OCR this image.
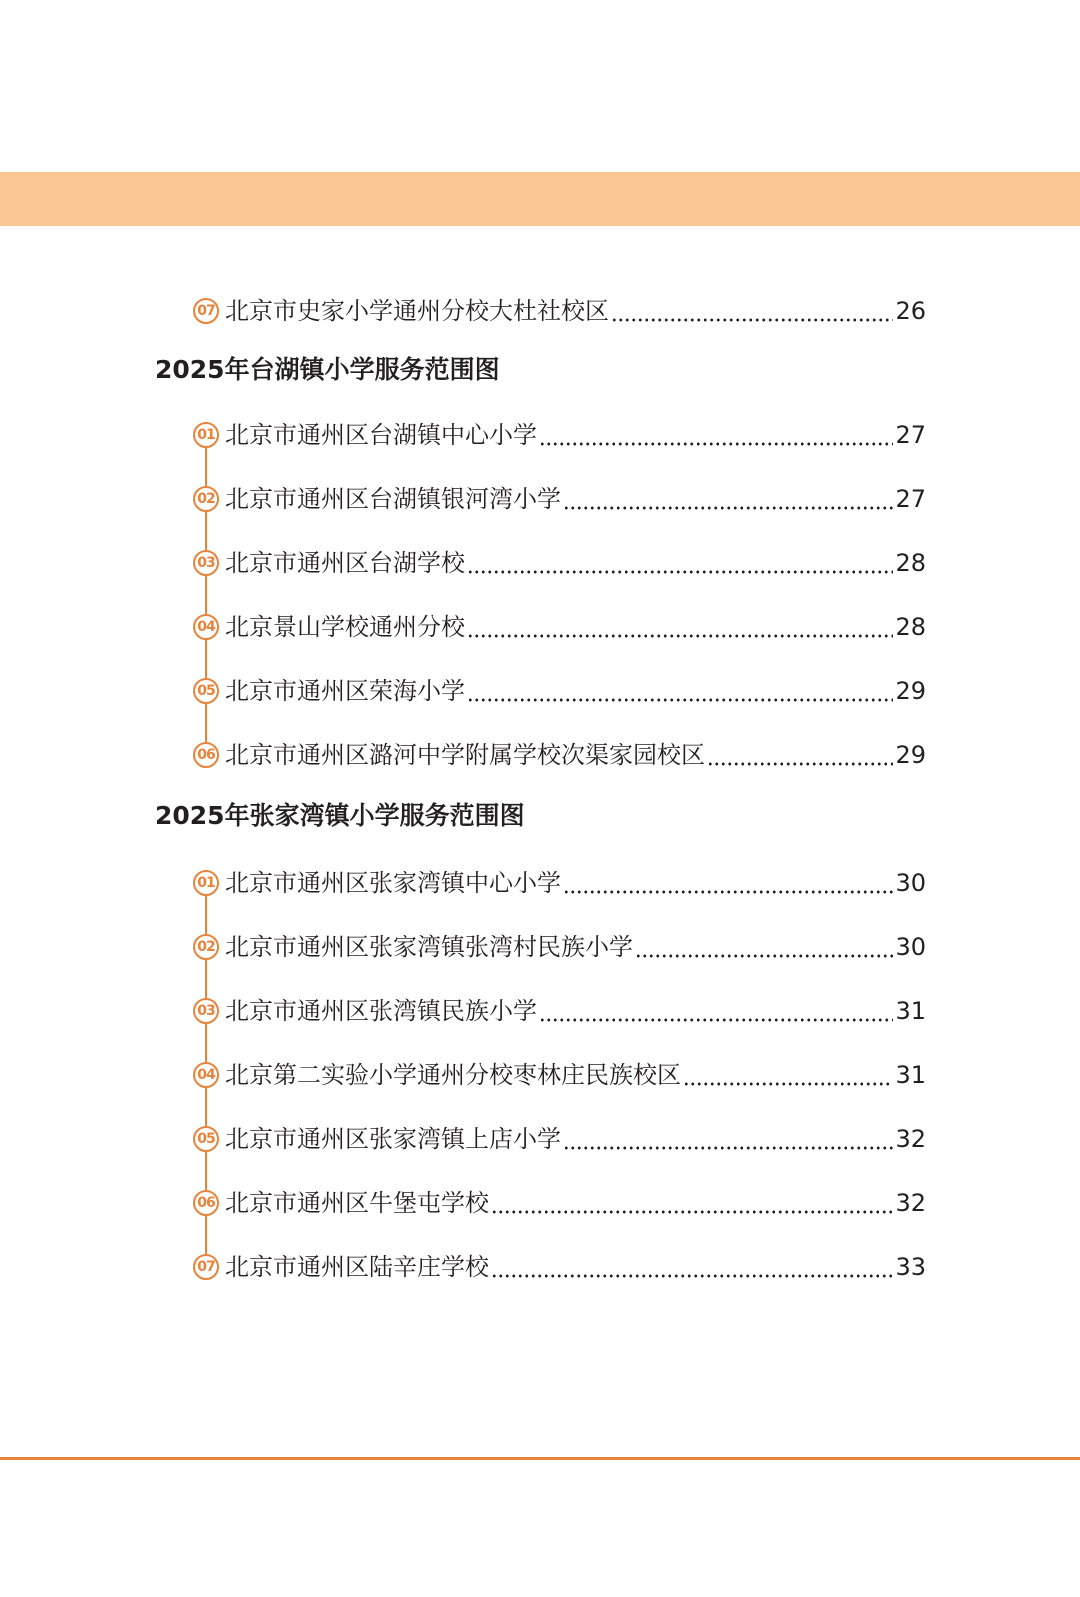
07 北京市史家小学通州分校大杜社校区	26
2025年台湖镇小学服务范围图
01 北京市通州区台湖镇中心小学	27
02 北京市通州区台湖镇银河湾小学	27
03 北京市通州区台湖学校	28
04 北京景山学校通州分校	28
05 北京市通州区荣海小学	29
06 北京市通州区潞河中学附属学校次渠家园校区	29
2025年张家湾镇小学服务范围图
01 北京市通州区张家湾镇中心小学	30
02 北京市通州区张家湾镇张湾村民族小学	30
03 北京市通州区张湾镇民族小学	31
04 北京第二实验小学通州分校枣林庄民族校区	31
05 北京市通州区张家湾镇上店小学	32
06 北京市通州区牛堡屯学校	32
07 北京市通州区陆辛庄学校	33
